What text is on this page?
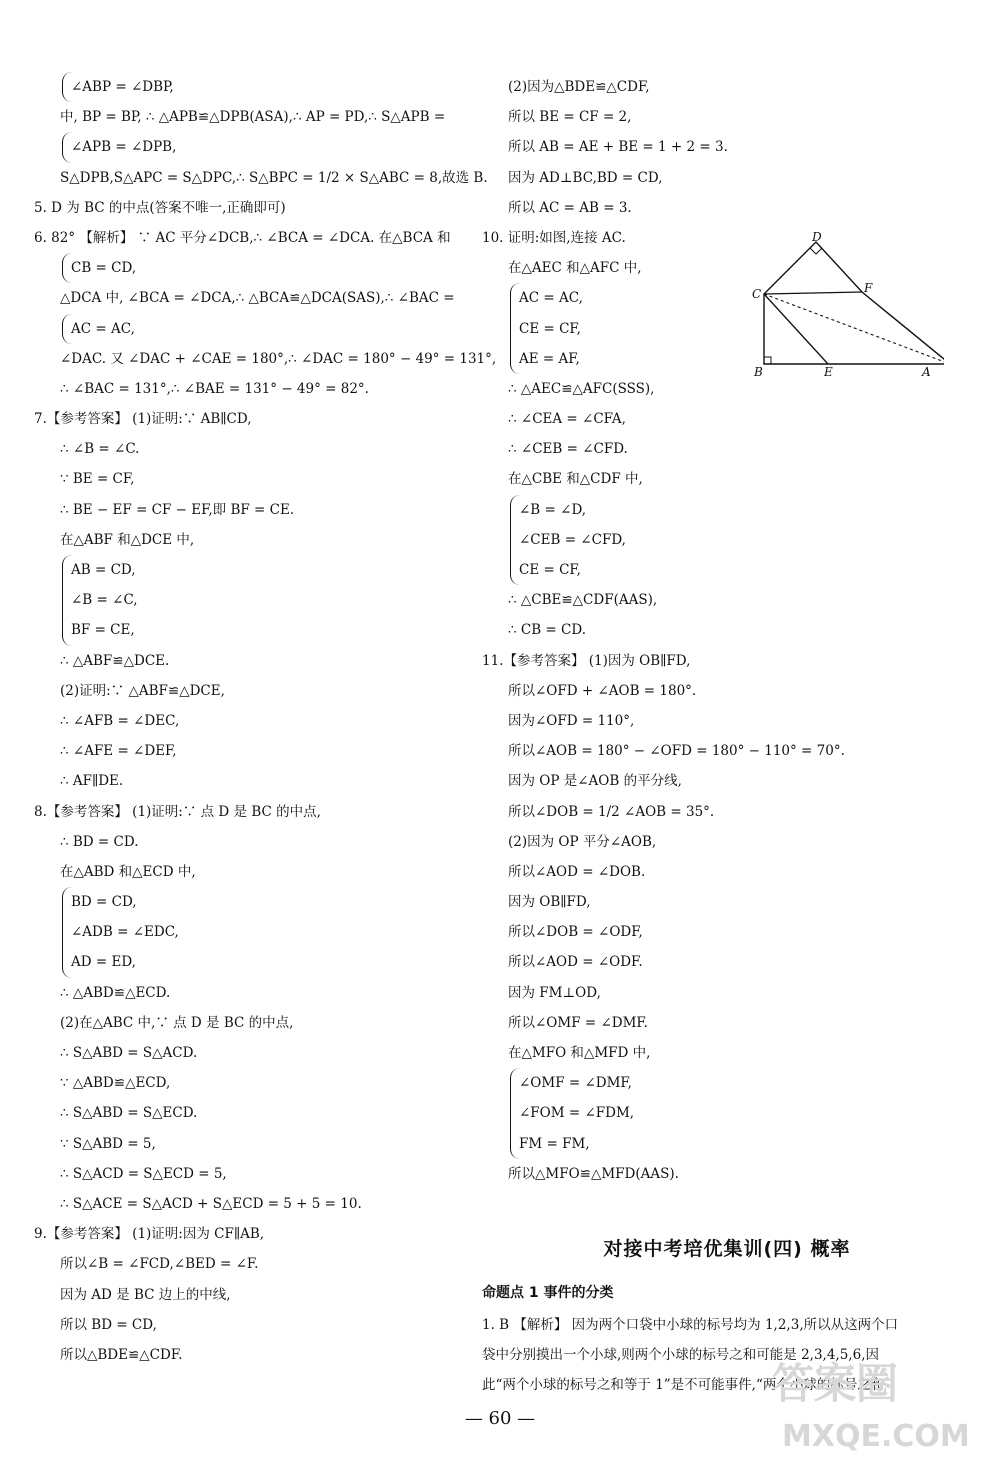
∠ABP = ∠DBP,
中, BP = BP, ∴ △APB≌△DPB(ASA),∴ AP = PD,∴ S△APB =
∠APB = ∠DPB,
S△DPB,S△APC = S△DPC,∴ S△BPC = 1/2 × S△ABC = 8,故选 B.
5. D 为 BC 的中点(答案不唯一,正确即可)
6. 82° 【解析】 ∵ AC 平分∠DCB,∴ ∠BCA = ∠DCA. 在△BCA 和
CB = CD,
△DCA 中, ∠BCA = ∠DCA,∴ △BCA≌△DCA(SAS),∴ ∠BAC =
AC = AC,
∠DAC. 又 ∠DAC + ∠CAE = 180°,∴ ∠DAC = 180° − 49° = 131°,
∴ ∠BAC = 131°,∴ ∠BAE = 131° − 49° = 82°.
7.【参考答案】 (1)证明:∵ AB∥CD,
∴ ∠B = ∠C.
∵ BE = CF,
∴ BE − EF = CF − EF,即 BF = CE.
在△ABF 和△DCE 中,
AB = CD,
∠B = ∠C,
BF = CE,
∴ △ABF≌△DCE.
(2)证明:∵ △ABF≌△DCE,
∴ ∠AFB = ∠DEC,
∴ ∠AFE = ∠DEF,
∴ AF∥DE.
8.【参考答案】 (1)证明:∵ 点 D 是 BC 的中点,
∴ BD = CD.
在△ABD 和△ECD 中,
BD = CD,
∠ADB = ∠EDC,
AD = ED,
∴ △ABD≌△ECD.
(2)在△ABC 中,∵ 点 D 是 BC 的中点,
∴ S△ABD = S△ACD.
∵ △ABD≌△ECD,
∴ S△ABD = S△ECD.
∵ S△ABD = 5,
∴ S△ACD = S△ECD = 5,
∴ S△ACE = S△ACD + S△ECD = 5 + 5 = 10.
9.【参考答案】 (1)证明:因为 CF∥AB,
所以∠B = ∠FCD,∠BED = ∠F.
因为 AD 是 BC 边上的中线,
所以 BD = CD,
所以△BDE≌△CDF.
(2)因为△BDE≌△CDF,
所以 BE = CF = 2,
所以 AB = AE + BE = 1 + 2 = 3.
因为 AD⊥BC,BD = CD,
所以 AC = AB = 3.
10. 证明:如图,连接 AC.
在△AEC 和△AFC 中,
AC = AC,
CE = CF,
AE = AF,
∴ △AEC≌△AFC(SSS),
∴ ∠CEA = ∠CFA,
∴ ∠CEB = ∠CFD.
在△CBE 和△CDF 中,
∠B = ∠D,
∠CEB = ∠CFD,
CE = CF,
∴ △CBE≌△CDF(AAS),
∴ CB = CD.
11.【参考答案】 (1)因为 OB∥FD,
所以∠OFD + ∠AOB = 180°.
因为∠OFD = 110°,
所以∠AOB = 180° − ∠OFD = 180° − 110° = 70°.
因为 OP 是∠AOB 的平分线,
所以∠DOB = 1/2 ∠AOB = 35°.
(2)因为 OP 平分∠AOB,
所以∠AOD = ∠DOB.
因为 OB∥FD,
所以∠DOB = ∠ODF,
所以∠AOD = ∠ODF.
因为 FM⊥OD,
所以∠OMF = ∠DMF.
在△MFO 和△MFD 中,
∠OMF = ∠DMF,
∠FOM = ∠FDM,
FM = FM,
所以△MFO≌△MFD(AAS).
D
C	F
B	E	A
对接中考培优集训(四) 概率
命题点 1 事件的分类
1. B 【解析】 因为两个口袋中小球的标号均为 1,2,3,所以从这两个口
袋中分别摸出一个小球,则两个小球的标号之和可能是 2,3,4,5,6,因
此“两个小球的标号之和等于 1”是不可能事件,“两个小球的标号之和
— 60 —
答案圈
MXQE.COM
